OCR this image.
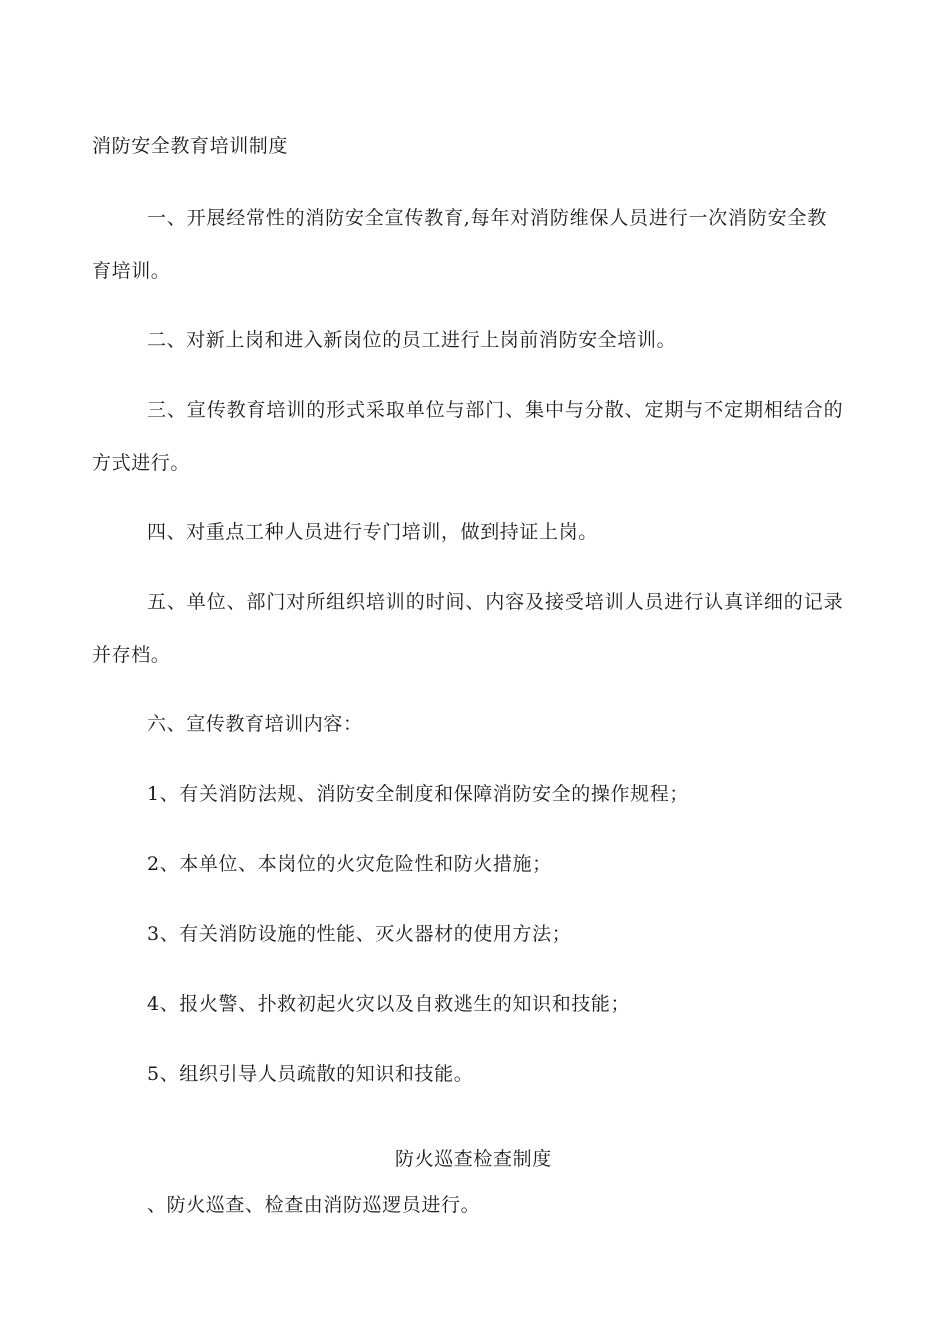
消防安全教育培训制度
一、开展经常性的消防安全宣传教育,每年对消防维保人员进行一次消防安全教
育培训。
二、对新上岗和进入新岗位的员工进行上岗前消防安全培训。
三、宣传教育培训的形式采取单位与部门、集中与分散、定期与不定期相结合的
方式进行。
四、对重点工种人员进行专门培训，做到持证上岗。
五、单位、部门对所组织培训的时间、内容及接受培训人员进行认真详细的记录
并存档。
六、宣传教育培训内容：
1、有关消防法规、消防安全制度和保障消防安全的操作规程；
2、本单位、本岗位的火灾危险性和防火措施；
3、有关消防设施的性能、灭火器材的使用方法；
4、报火警、扑救初起火灾以及自救逃生的知识和技能；
5、组织引导人员疏散的知识和技能。
防火巡查检查制度
、防火巡查、检查由消防巡逻员进行。
